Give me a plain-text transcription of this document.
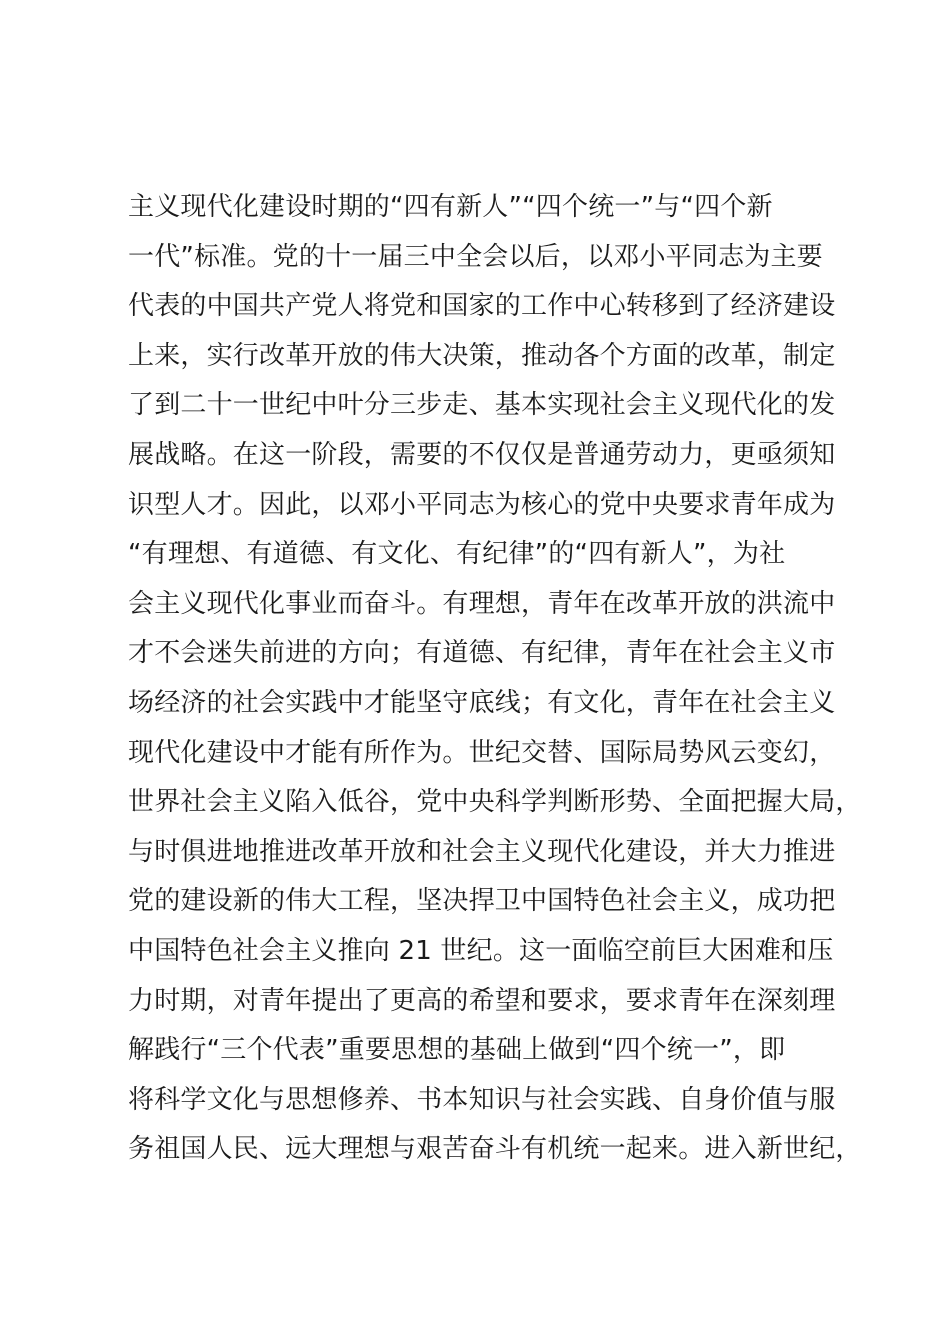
主义现代化建设时期的“四有新人”“四个统一”与“四个新
一代”标准。党的十一届三中全会以后，以邓小平同志为主要
代表的中国共产党人将党和国家的工作中心转移到了经济建设
上来，实行改革开放的伟大决策，推动各个方面的改革，制定
了到二十一世纪中叶分三步走、基本实现社会主义现代化的发
展战略。在这一阶段，需要的不仅仅是普通劳动力，更亟须知
识型人才。因此，以邓小平同志为核心的党中央要求青年成为
“有理想、有道德、有文化、有纪律”的“四有新人”，为社
会主义现代化事业而奋斗。有理想，青年在改革开放的洪流中
才不会迷失前进的方向；有道德、有纪律，青年在社会主义市
场经济的社会实践中才能坚守底线；有文化，青年在社会主义
现代化建设中才能有所作为。世纪交替、国际局势风云变幻，
世界社会主义陷入低谷，党中央科学判断形势、全面把握大局，
与时俱进地推进改革开放和社会主义现代化建设，并大力推进
党的建设新的伟大工程，坚决捍卫中国特色社会主义，成功把
中国特色社会主义推向 21 世纪。这一面临空前巨大困难和压
力时期，对青年提出了更高的希望和要求，要求青年在深刻理
解践行“三个代表”重要思想的基础上做到“四个统一”，即
将科学文化与思想修养、书本知识与社会实践、自身价值与服
务祖国人民、远大理想与艰苦奋斗有机统一起来。进入新世纪，
